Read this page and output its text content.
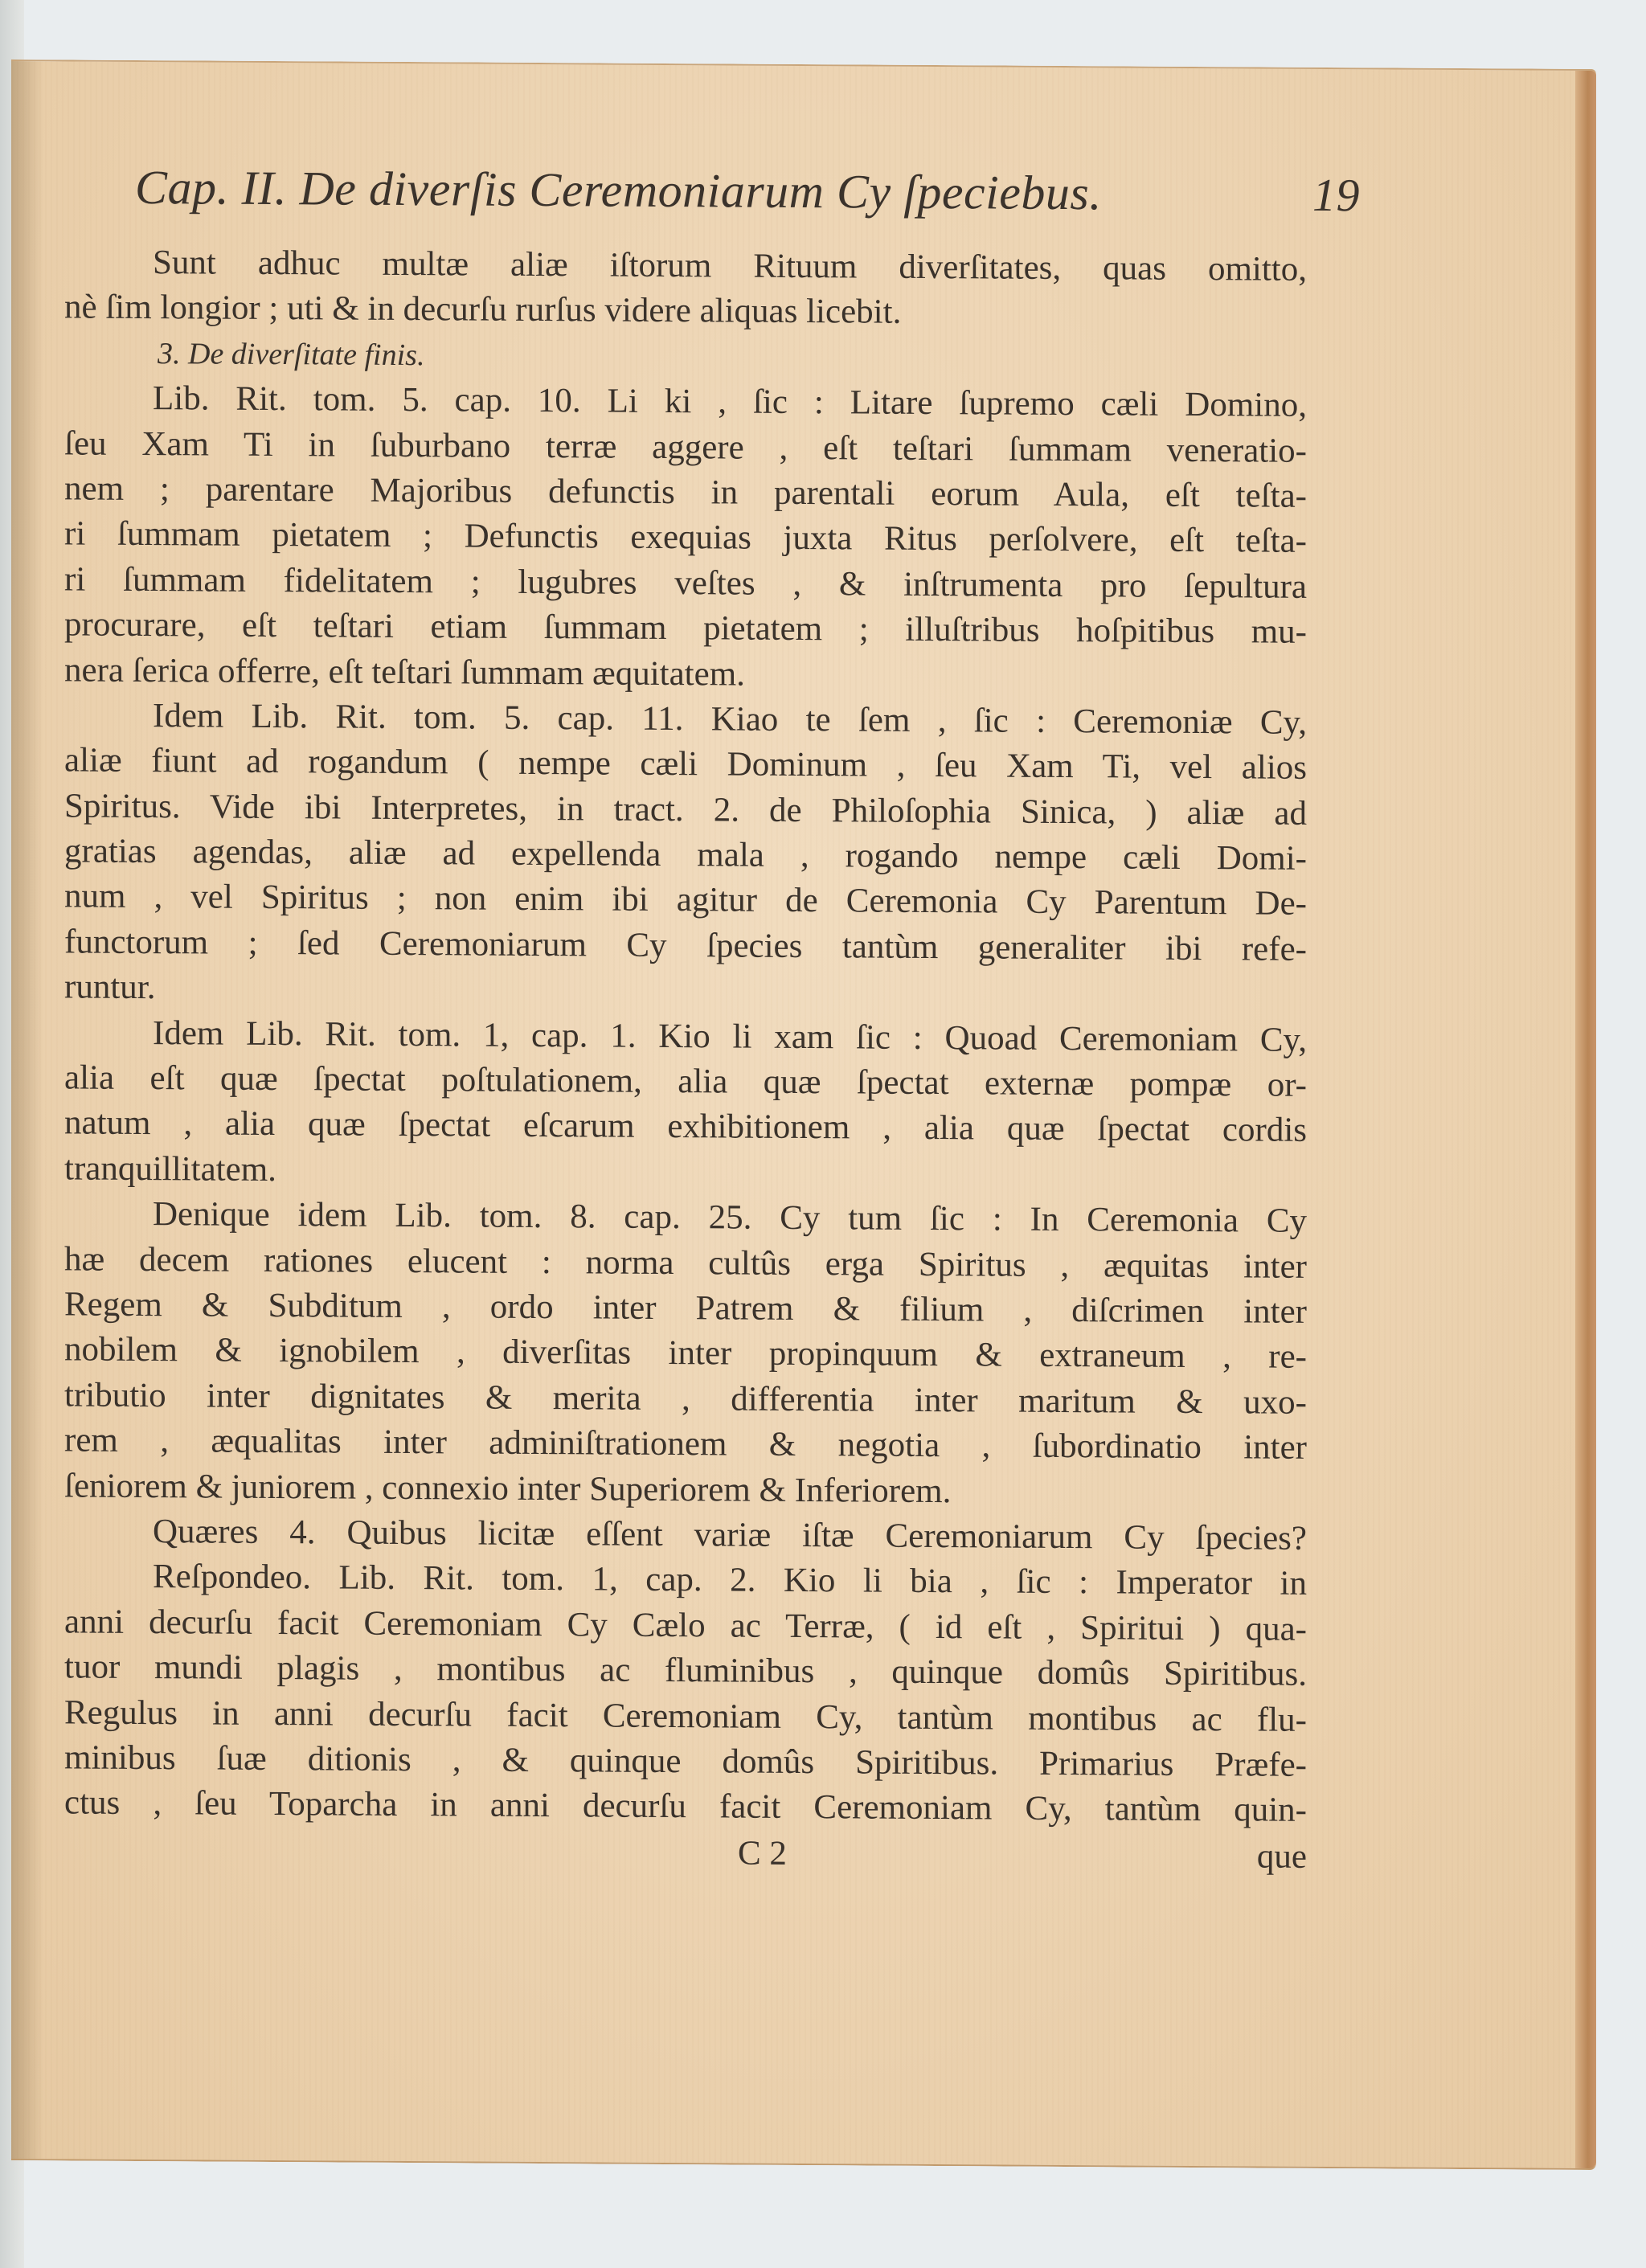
Cap. II. De diverſis Ceremoniarum Cy ſpeciebus.	19
Sunt adhuc multæ aliæ iſtorum Rituum diverſitates, quas omitto,
nè ſim longior ; uti & in decurſu rurſus videre aliquas licebit.
3. De diverſitate finis.
Lib. Rit. tom. 5. cap. 10. Li ki , ſic : Litare ſupremo cæli Domino,
ſeu Xam Ti in ſuburbano terræ aggere , eſt teſtari ſummam veneratio-
nem ; parentare Majoribus defunctis in parentali eorum Aula, eſt teſta-
ri ſummam pietatem ; Defunctis exequias juxta Ritus perſolvere, eſt teſta-
ri ſummam fidelitatem ; lugubres veſtes , & inſtrumenta pro ſepultura
procurare, eſt teſtari etiam ſummam pietatem ; illuſtribus hoſpitibus mu-
nera ſerica offerre, eſt teſtari ſummam æquitatem.
Idem Lib. Rit. tom. 5. cap. 11. Kiao te ſem , ſic : Ceremoniæ Cy,
aliæ fiunt ad rogandum ( nempe cæli Dominum , ſeu Xam Ti, vel alios
Spiritus. Vide ibi Interpretes, in tract. 2. de Philoſophia Sinica, ) aliæ ad
gratias agendas, aliæ ad expellenda mala , rogando nempe cæli Domi-
num , vel Spiritus ; non enim ibi agitur de Ceremonia Cy Parentum De-
functorum ; ſed Ceremoniarum Cy ſpecies tantùm generaliter ibi refe-
runtur.
Idem Lib. Rit. tom. 1, cap. 1. Kio li xam ſic : Quoad Ceremoniam Cy,
alia eſt quæ ſpectat poſtulationem, alia quæ ſpectat externæ pompæ or-
natum , alia quæ ſpectat eſcarum exhibitionem , alia quæ ſpectat cordis
tranquillitatem.
Denique idem Lib. tom. 8. cap. 25. Cy tum ſic : In Ceremonia Cy
hæ decem rationes elucent : norma cultûs erga Spiritus , æquitas inter
Regem & Subditum , ordo inter Patrem & filium , diſcrimen inter
nobilem & ignobilem , diverſitas inter propinquum & extraneum , re-
tributio inter dignitates & merita , differentia inter maritum & uxo-
rem , æqualitas inter adminiſtrationem & negotia , ſubordinatio inter
ſeniorem & juniorem , connexio inter Superiorem & Inferiorem.
Quæres 4. Quibus licitæ eſſent variæ iſtæ Ceremoniarum Cy ſpecies?
Reſpondeo. Lib. Rit. tom. 1, cap. 2. Kio li bia , ſic : Imperator in
anni decurſu facit Ceremoniam Cy Cælo ac Terræ, ( id eſt , Spiritui ) qua-
tuor mundi plagis , montibus ac fluminibus , quinque domûs Spiritibus.
Regulus in anni decurſu facit Ceremoniam Cy, tantùm montibus ac flu-
minibus ſuæ ditionis , & quinque domûs Spiritibus. Primarius Præfe-
ctus , ſeu Toparcha in anni decurſu facit Ceremoniam Cy, tantùm quin-
C 2	que
